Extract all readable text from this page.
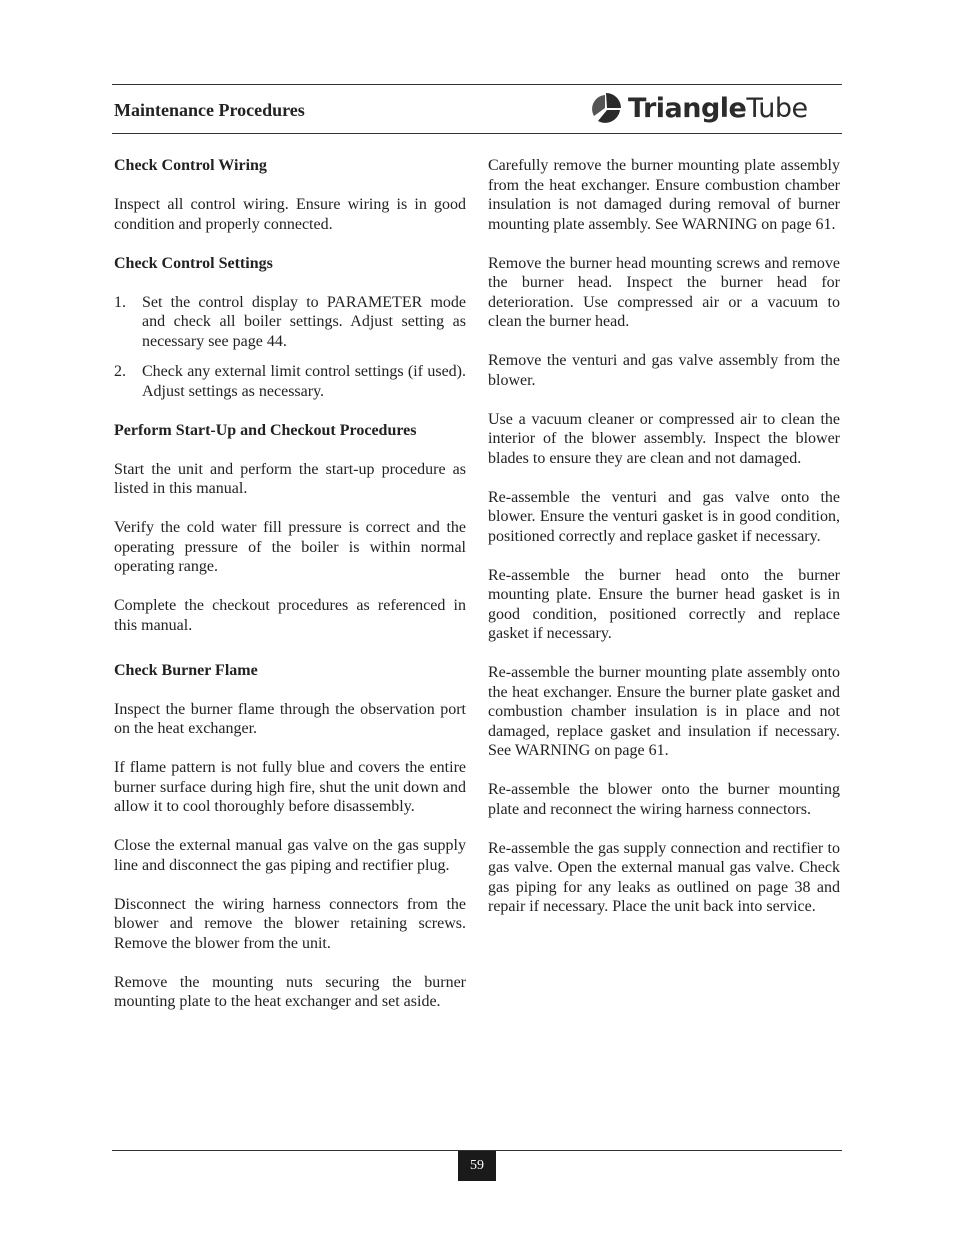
Maintenance Procedures	Triangle Tube
Check Control Wiring

Inspect all control wiring. Ensure wiring is in good condition and properly connected.

Check Control Settings
1.	Set the control display to PARAMETER mode and check all boiler settings. Adjust setting as necessary see page 44.
2.	Check any external limit control settings (if used). Adjust settings as necessary.
Perform Start-Up and Checkout Procedures

Start the unit and perform the start-up procedure as listed in this manual.

Verify the cold water fill pressure is correct and the operating pressure of the boiler is within normal operating range.

Complete the checkout procedures as referenced in this manual.

Check Burner Flame

Inspect the burner flame through the observation port on the heat exchanger.

If flame pattern is not fully blue and covers the entire burner surface during high fire, shut the unit down and allow it to cool thoroughly before disassembly.

Close the external manual gas valve on the gas supply line and disconnect the gas piping and rectifier plug.

Disconnect the wiring harness connectors from the blower and remove the blower retaining screws. Remove the blower from the unit.

Remove the mounting nuts securing the burner mounting plate to the heat exchanger and set aside.

Carefully remove the burner mounting plate assembly from the heat exchanger. Ensure combustion chamber insulation is not damaged during removal of burner mounting plate assembly. See WARNING on page 61.

Remove the burner head mounting screws and remove the burner head. Inspect the burner head for deterioration. Use compressed air or a vacuum to clean the burner head.

Remove the venturi and gas valve assembly from the blower.

Use a vacuum cleaner or compressed air to clean the interior of the blower assembly. Inspect the blower blades to ensure they are clean and not damaged.

Re-assemble the venturi and gas valve onto the blower. Ensure the venturi gasket is in good condition, positioned correctly and replace gasket if necessary.

Re-assemble the burner head onto the burner mounting plate. Ensure the burner head gasket is in good condition, positioned correctly and replace gasket if necessary.

Re-assemble the burner mounting plate assembly onto the heat exchanger. Ensure the burner plate gasket and combustion chamber insulation is in place and not damaged, replace gasket and insulation if necessary. See WARNING on page 61.

Re-assemble the blower onto the burner mounting plate and reconnect the wiring harness connectors.

Re-assemble the gas supply connection and rectifier to gas valve. Open the external manual gas valve. Check gas piping for any leaks as outlined on page 38 and repair if necessary. Place the unit back into service.

59
